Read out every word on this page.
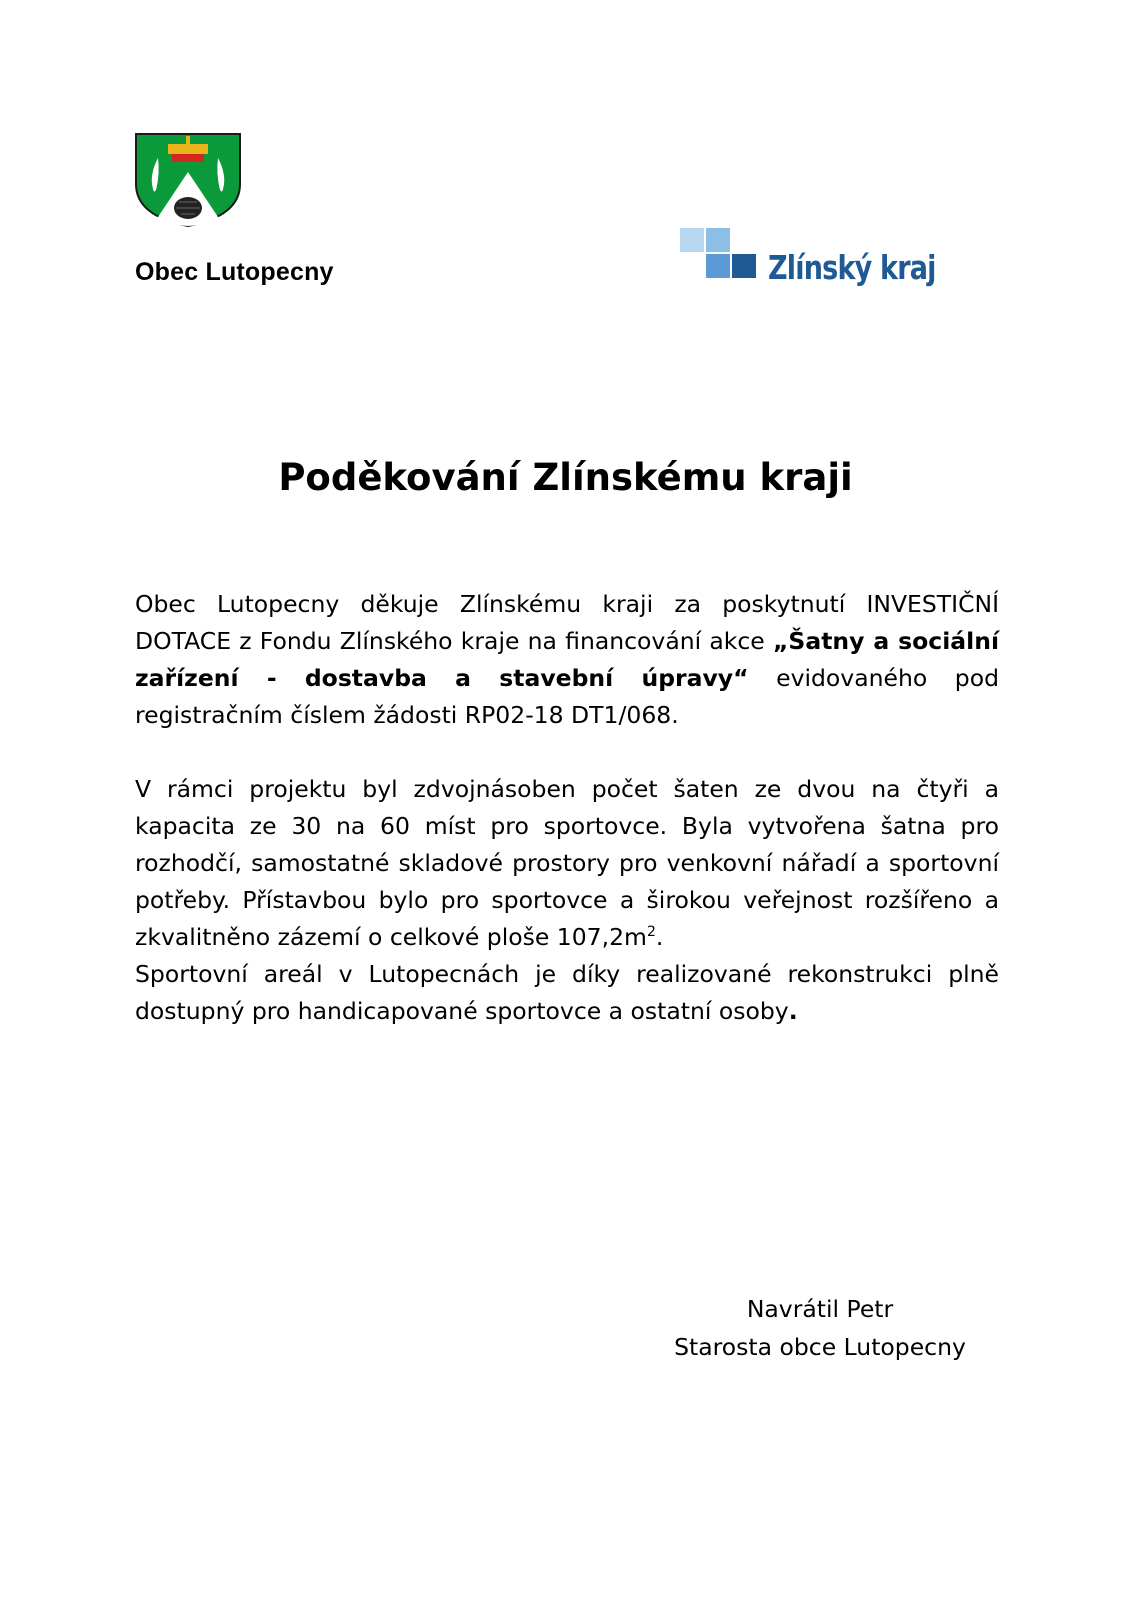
Obec Lutopecny	Zlínský kraj
Poděkování Zlínskému kraji

Obec Lutopecny děkuje Zlínskému kraji za poskytnutí INVESTIČNÍ DOTACE z Fondu Zlínského kraje na financování akce „Šatny a sociální zařízení - dostavba a stavební úpravy“ evidovaného pod registračním číslem žádosti RP02-18 DT1/068.

V rámci projektu byl zdvojnásoben počet šaten ze dvou na čtyři a kapacita ze 30 na 60 míst pro sportovce. Byla vytvořena šatna pro rozhodčí, samostatné skladové prostory pro venkovní nářadí a sportovní potřeby. Přístavbou bylo pro sportovce a širokou veřejnost rozšířeno a zkvalitněno zázemí o celkové ploše $107,2m^2$.

Sportovní areál v Lutopecnách je díky realizované rekonstrukci plně dostupný pro handicapované sportovce a ostatní osoby.

Navrátil Petr
Starosta obce Lutopecny
